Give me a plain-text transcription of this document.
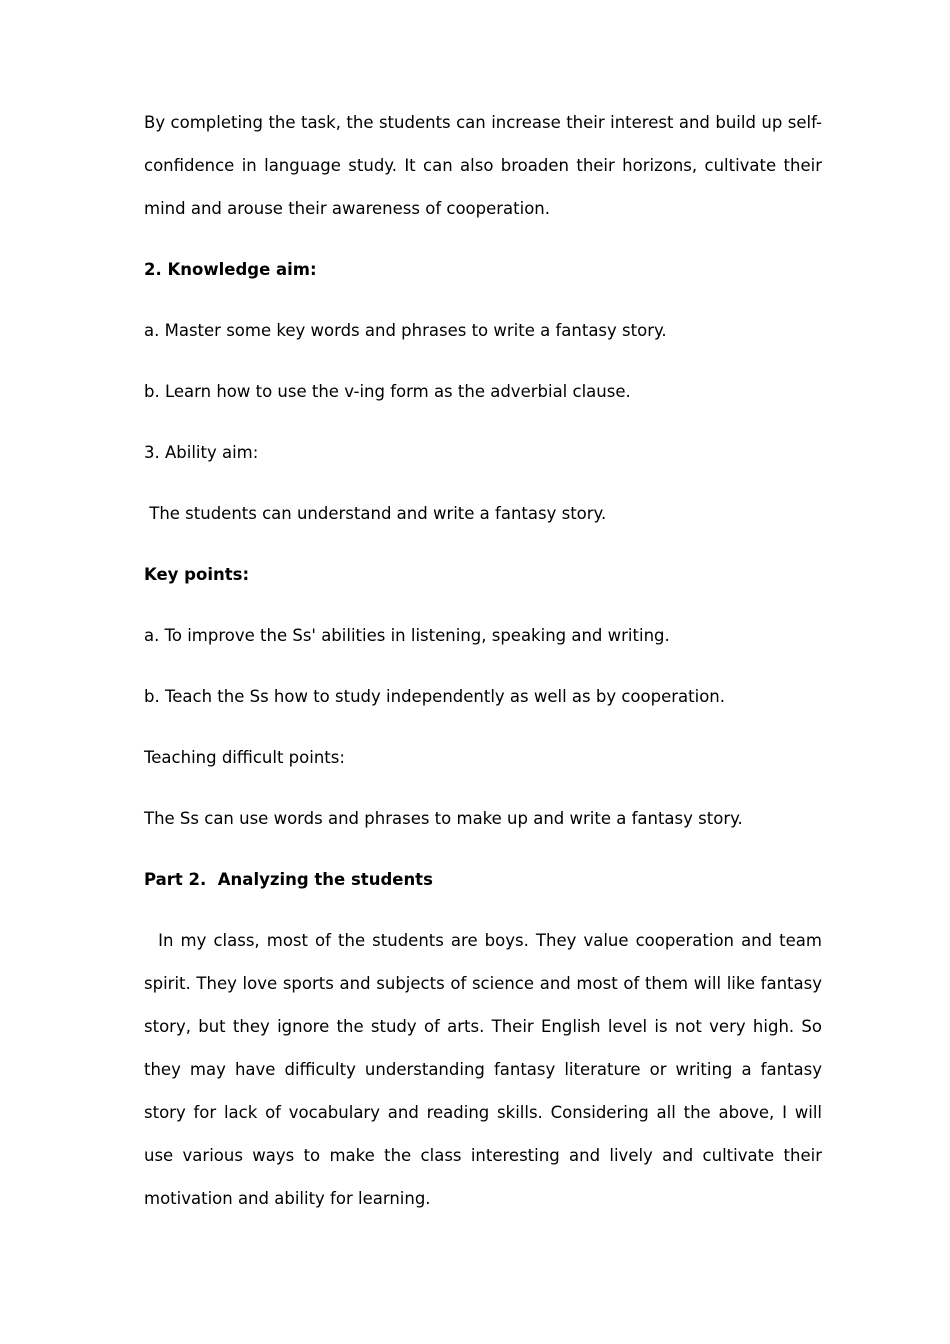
By completing the task, the students can increase their interest and build up self-confidence in language study. It can also broaden their horizons, cultivate their mind and arouse their awareness of cooperation.

2. Knowledge aim:

a. Master some key words and phrases to write a fantasy story.

b. Learn how to use the v-ing form as the adverbial clause.

3. Ability aim:

The students can understand and write a fantasy story.

Key points:

a. To improve the Ss' abilities in listening, speaking and writing.

b. Teach the Ss how to study independently as well as by cooperation.

Teaching difficult points:

The Ss can use words and phrases to make up and write a fantasy story.

Part 2.  Analyzing the students

In my class, most of the students are boys. They value cooperation and team spirit. They love sports and subjects of science and most of them will like fantasy story, but they ignore the study of arts. Their English level is not very high. So they may have difficulty understanding fantasy literature or writing a fantasy story for lack of vocabulary and reading skills. Considering all the above, I will use various ways to make the class interesting and lively and cultivate their motivation and ability for learning.
